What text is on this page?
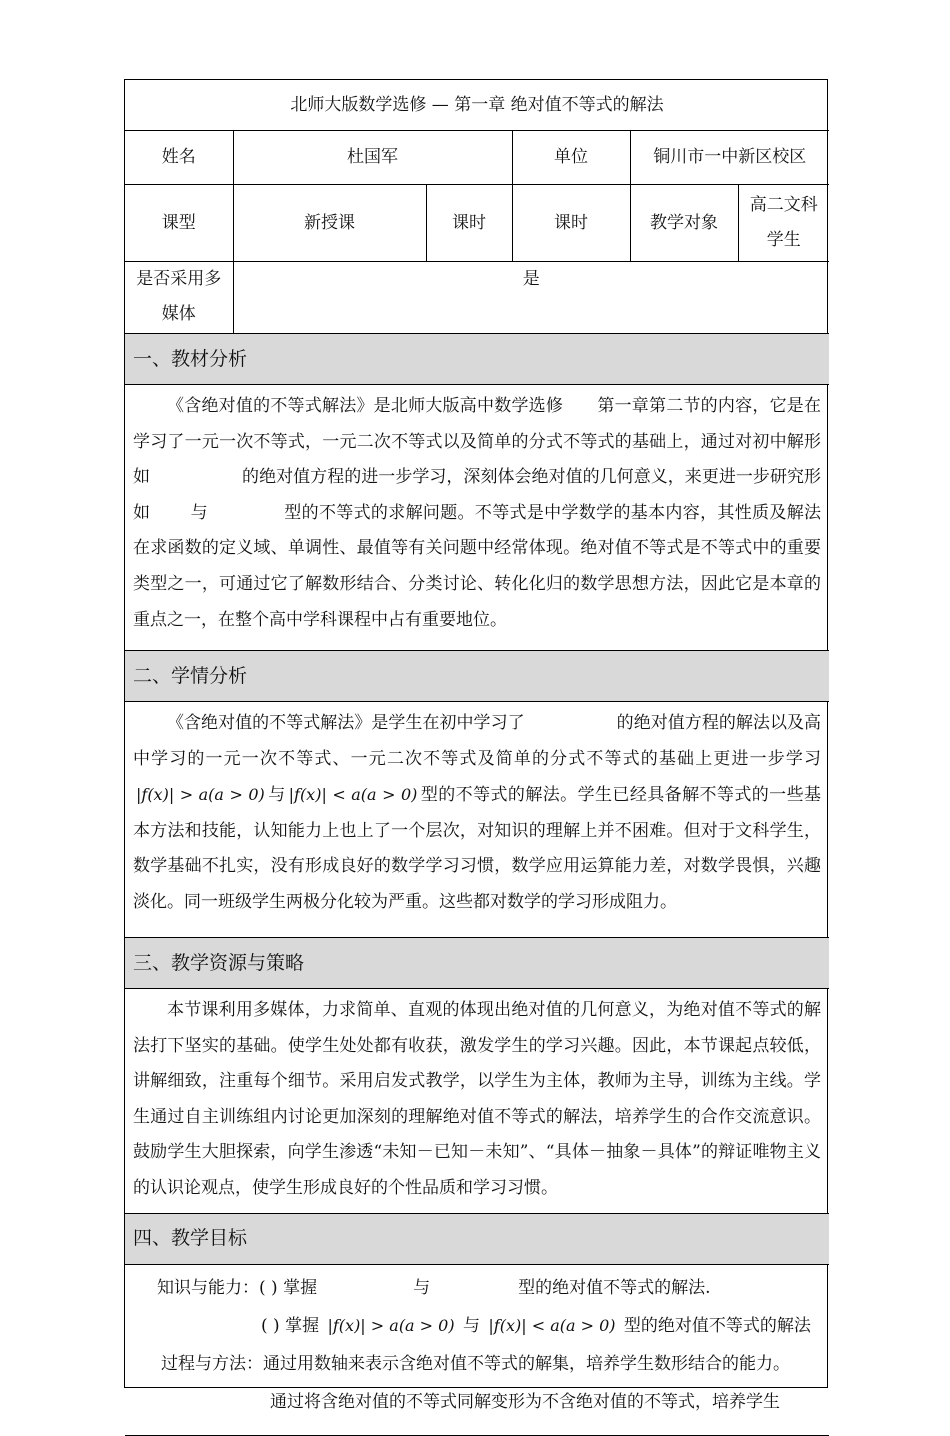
北师大版数学选修 — 第一章 绝对值不等式的解法					
姓名	杜国军		单位	铜川市一中新区校区	
课型	新授课	课时	课时	教学对象	高二文科学生
是否采用多媒体	是				
一、教材分析					

《含绝对值的不等式解法》是北师大版高中数学选修 第一章第二节的内容，它是在学习了一元一次不等式，一元二次不等式以及简单的分式不等式的基础上，通过对初中解形如 的绝对值方程的进一步学习，深刻体会绝对值的几何意义，来更进一步研究形如 与 型的不等式的求解问题。不等式是中学数学的基本内容，其性质及解法在求函数的定义域、单调性、最值等有关问题中经常体现。绝对值不等式是不等式中的重要类型之一，可通过它了解数形结合、分类讨论、转化化归的数学思想方法，因此它是本章的重点之一，在整个高中学科课程中占有重要地位。					

二、学情分析					

《含绝对值的不等式解法》是学生在初中学习了 的绝对值方程的解法以及高中学习的一元一次不等式、一元二次不等式及简单的分式不等式的基础上更进一步学习 |f(x)| > a(a > 0) 与 |f(x)| < a(a > 0) 型的不等式的解法。学生已经具备解不等式的一些基本方法和技能，认知能力上也上了一个层次，对知识的理解上并不困难。但对于文科学生，数学基础不扎实，没有形成良好的数学学习习惯，数学应用运算能力差，对数学畏惧，兴趣淡化。同一班级学生两极分化较为严重。这些都对数学的学习形成阻力。					

三、教学资源与策略					

本节课利用多媒体，力求简单、直观的体现出绝对值的几何意义，为绝对值不等式的解法打下坚实的基础。使学生处处都有收获，激发学生的学习兴趣。因此，本节课起点较低，讲解细致，注重每个细节。采用启发式教学，以学生为主体，教师为主导，训练为主线。学生通过自主训练组内讨论更加深刻的理解绝对值不等式的解法，培养学生的合作交流意识。鼓励学生大胆探索，向学生渗透“未知－已知－未知”、“具体－抽象－具体”的辩证唯物主义的认识论观点，使学生形成良好的个性品质和学习习惯。					

四、教学目标					

知识与能力：( ) 掌握 与 型的绝对值不等式的解法.
( ) 掌握 |f(x)| > a(a > 0) 与 |f(x)| < a(a > 0) 型的绝对值不等式的解法
过程与方法：通过用数轴来表示含绝对值不等式的解集，培养学生数形结合的能力。
通过将含绝对值的不等式同解变形为不含绝对值的不等式，培养学生					
